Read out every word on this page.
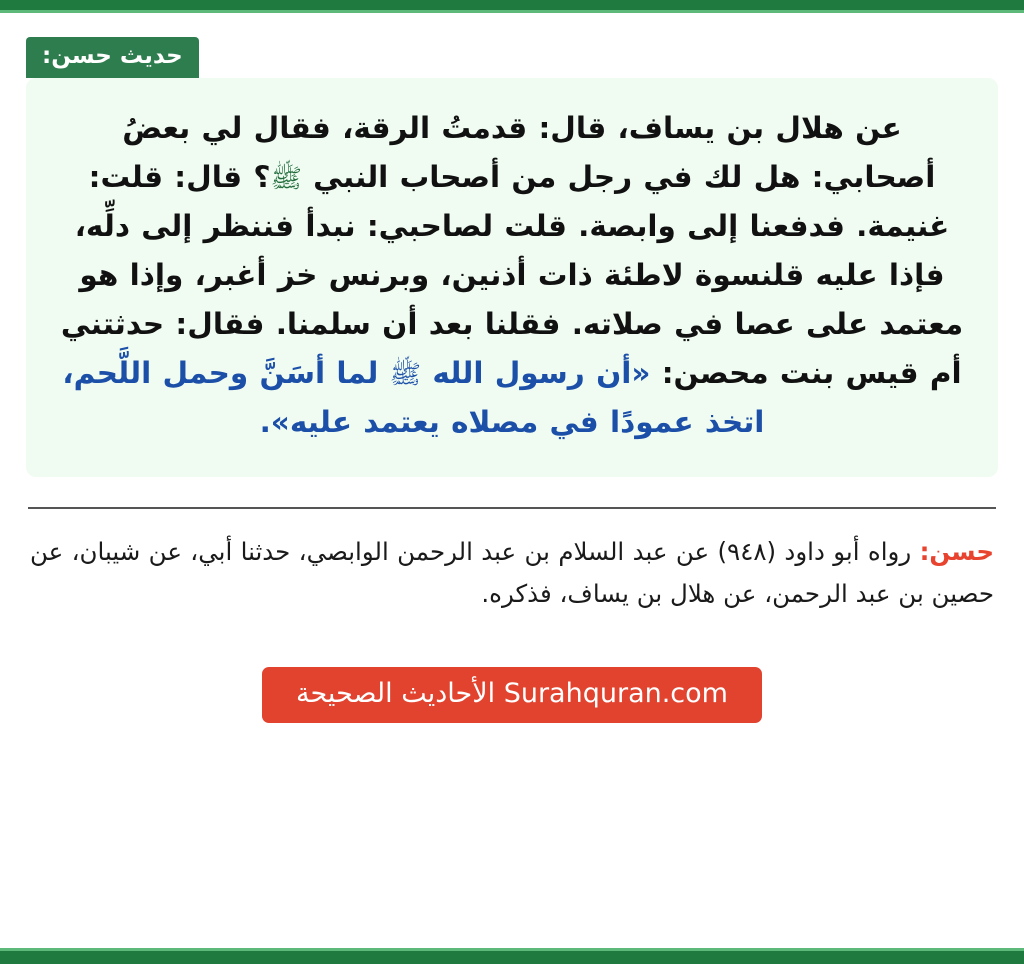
حديث حسن:
عن هلال بن يساف، قال: قدمتُ الرقة، فقال لي بعضُ أصحابي: هل لك في رجل من أصحاب النبي ﷺ؟ قال: قلت: غنيمة. فدفعنا إلى وابصة. قلت لصاحبي: نبدأ فننظر إلى دلِّه، فإذا عليه قلنسوة لاطئة ذات أذنين، وبرنس خز أغبر، وإذا هو معتمد على عصا في صلاته. فقلنا بعد أن سلمنا. فقال: حدثتني أم قيس بنت محصن: «أن رسول الله ﷺ لما أسَنَّ وحمل اللَّحم، اتخذ عمودًا في مصلاه يعتمد عليه».
حسن: رواه أبو داود (٩٤٨) عن عبد السلام بن عبد الرحمن الوابصي، حدثنا أبي، عن شيبان، عن حصين بن عبد الرحمن، عن هلال بن يساف، فذكره.
Surahquran.com الأحاديث الصحيحة
